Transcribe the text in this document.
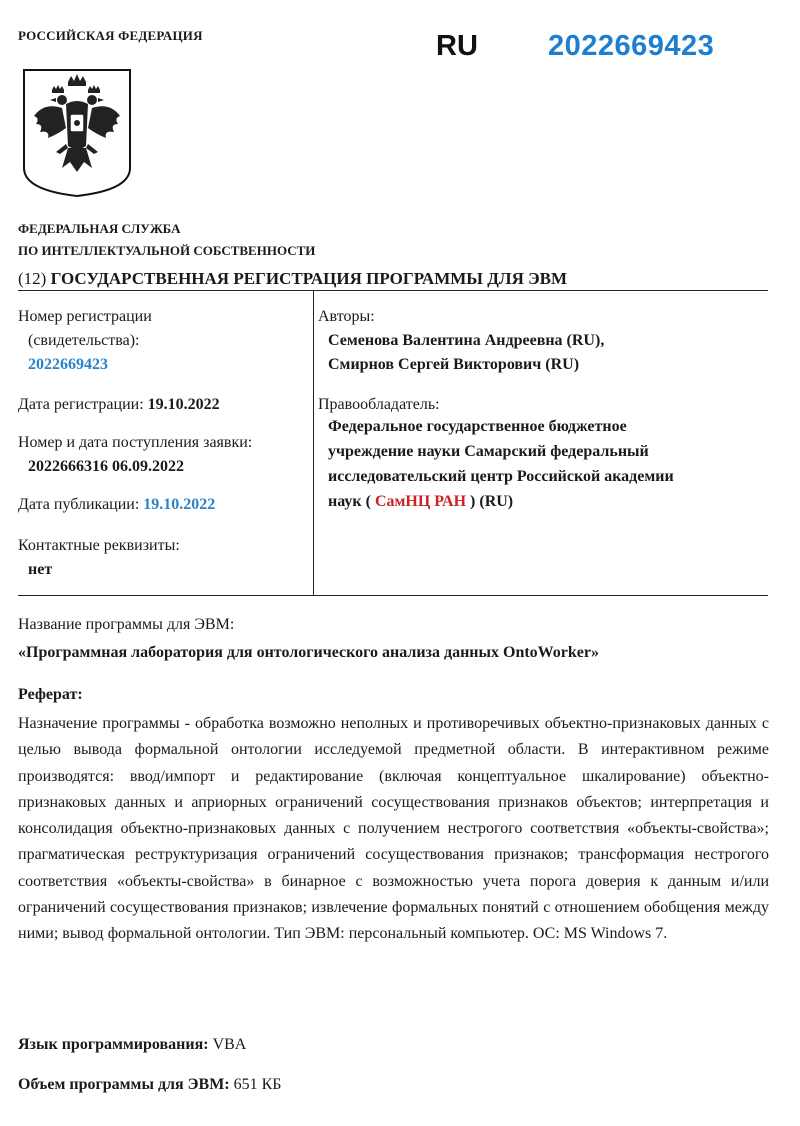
РОССИЙСКАЯ ФЕДЕРАЦИЯ	RU 2022669423
ФЕДЕРАЛЬНАЯ СЛУЖБА
ПО ИНТЕЛЛЕКТУАЛЬНОЙ СОБСТВЕННОСТИ
(12) ГОСУДАРСТВЕННАЯ РЕГИСТРАЦИЯ ПРОГРАММЫ ДЛЯ ЭВМ
Номер регистрации
(свидетельства):
2022669423
Дата регистрации: 19.10.2022
Номер и дата поступления заявки:
2022666316 06.09.2022
Дата публикации: 19.10.2022
Контактные реквизиты:
нет
Авторы:
Семенова Валентина Андреевна (RU),
Смирнов Сергей Викторович (RU)
Правообладатель:
Федеральное государственное бюджетное
учреждение науки Самарский федеральный
исследовательский центр Российской академии
наук ( СамНЦ РАН ) (RU)
Название программы для ЭВМ:
«Программная лаборатория для онтологического анализа данных OntoWorker»
Реферат:
Назначение программы - обработка возможно неполных и противоречивых объектно-признаковых данных с целью вывода формальной онтологии исследуемой предметной области. В интерактивном режиме производятся: ввод/импорт и редактирование (включая концептуальное шкалирование) объектно-признаковых данных и априорных ограничений сосуществования признаков объектов; интерпретация и консолидация объектно-признаковых данных с получением нестрогого соответствия «объекты-свойства»; прагматическая реструктуризация ограничений сосуществования признаков; трансформация нестрогого соответствия «объекты-свойства» в бинарное с возможностью учета порога доверия к данным и/или ограничений сосуществования признаков; извлечение формальных понятий с отношением обобщения между ними; вывод формальной онтологии. Тип ЭВМ: персональный компьютер. ОС: MS Windows 7.
Язык программирования: VBA
Объем программы для ЭВМ: 651 КБ
